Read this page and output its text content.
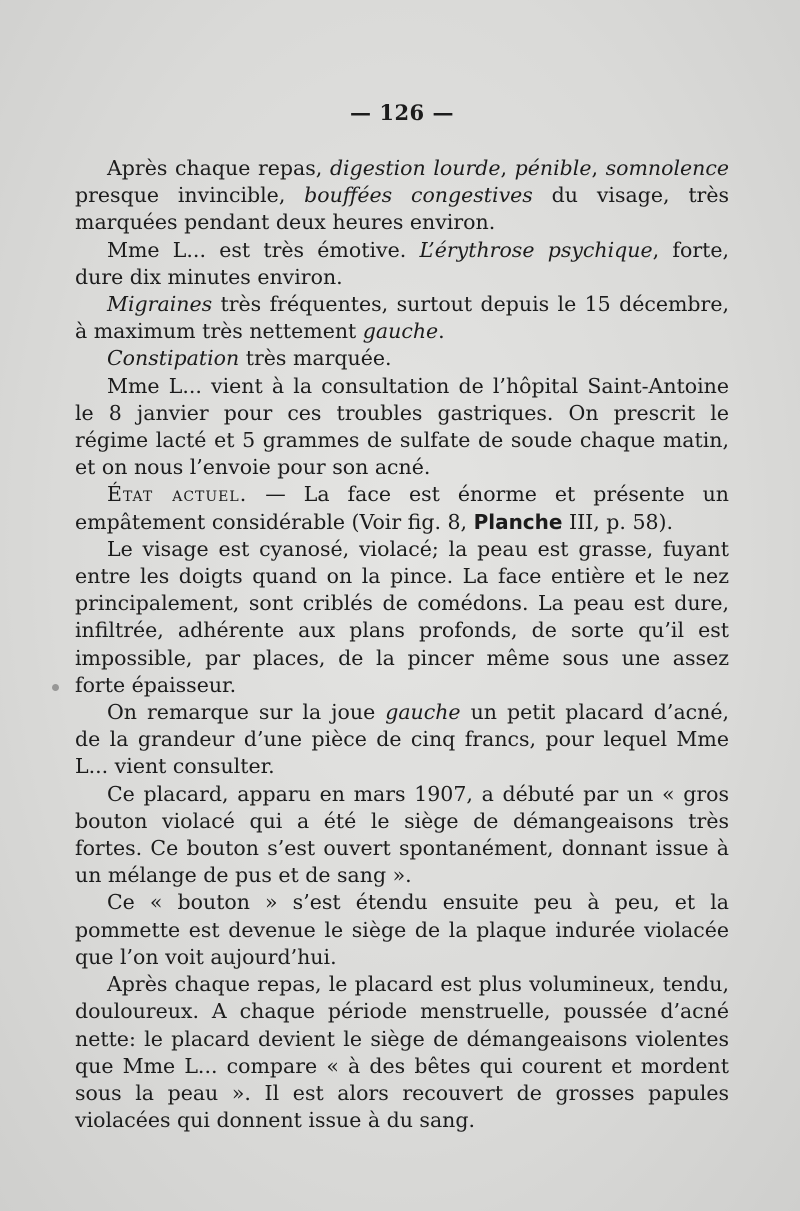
— 126 —

Après chaque repas, digestion lourde, pénible, somnolence presque invincible, bouffées congestives du visage, très marquées pendant deux heures environ.

Mme L... est très émotive. L’érythrose psychique, forte, dure dix minutes environ.

Migraines très fréquentes, surtout depuis le 15 décembre, à maximum très nettement gauche.

Constipation très marquée.

Mme L... vient à la consultation de l’hôpital Saint-Antoine le 8 janvier pour ces troubles gastriques. On prescrit le régime lacté et 5 grammes de sulfate de soude chaque matin, et on nous l’envoie pour son acné.

État actuel. — La face est énorme et présente un empâtement considérable (Voir fig. 8, Planche III, p. 58).

Le visage est cyanosé, violacé; la peau est grasse, fuyant entre les doigts quand on la pince. La face entière et le nez principalement, sont criblés de comédons. La peau est dure, infiltrée, adhérente aux plans profonds, de sorte qu’il est impossible, par places, de la pincer même sous une assez forte épaisseur.

On remarque sur la joue gauche un petit placard d’acné, de la grandeur d’une pièce de cinq francs, pour lequel Mme L... vient consulter.

Ce placard, apparu en mars 1907, a débuté par un « gros bouton violacé qui a été le siège de démangeaisons très fortes. Ce bouton s’est ouvert spontanément, donnant issue à un mélange de pus et de sang ».

Ce « bouton » s’est étendu ensuite peu à peu, et la pommette est devenue le siège de la plaque indurée violacée que l’on voit aujourd’hui.

Après chaque repas, le placard est plus volumineux, tendu, douloureux. A chaque période menstruelle, poussée d’acné nette: le placard devient le siège de démangeaisons violentes que Mme L... compare « à des bêtes qui courent et mordent sous la peau ». Il est alors recouvert de grosses papules violacées qui donnent issue à du sang.
